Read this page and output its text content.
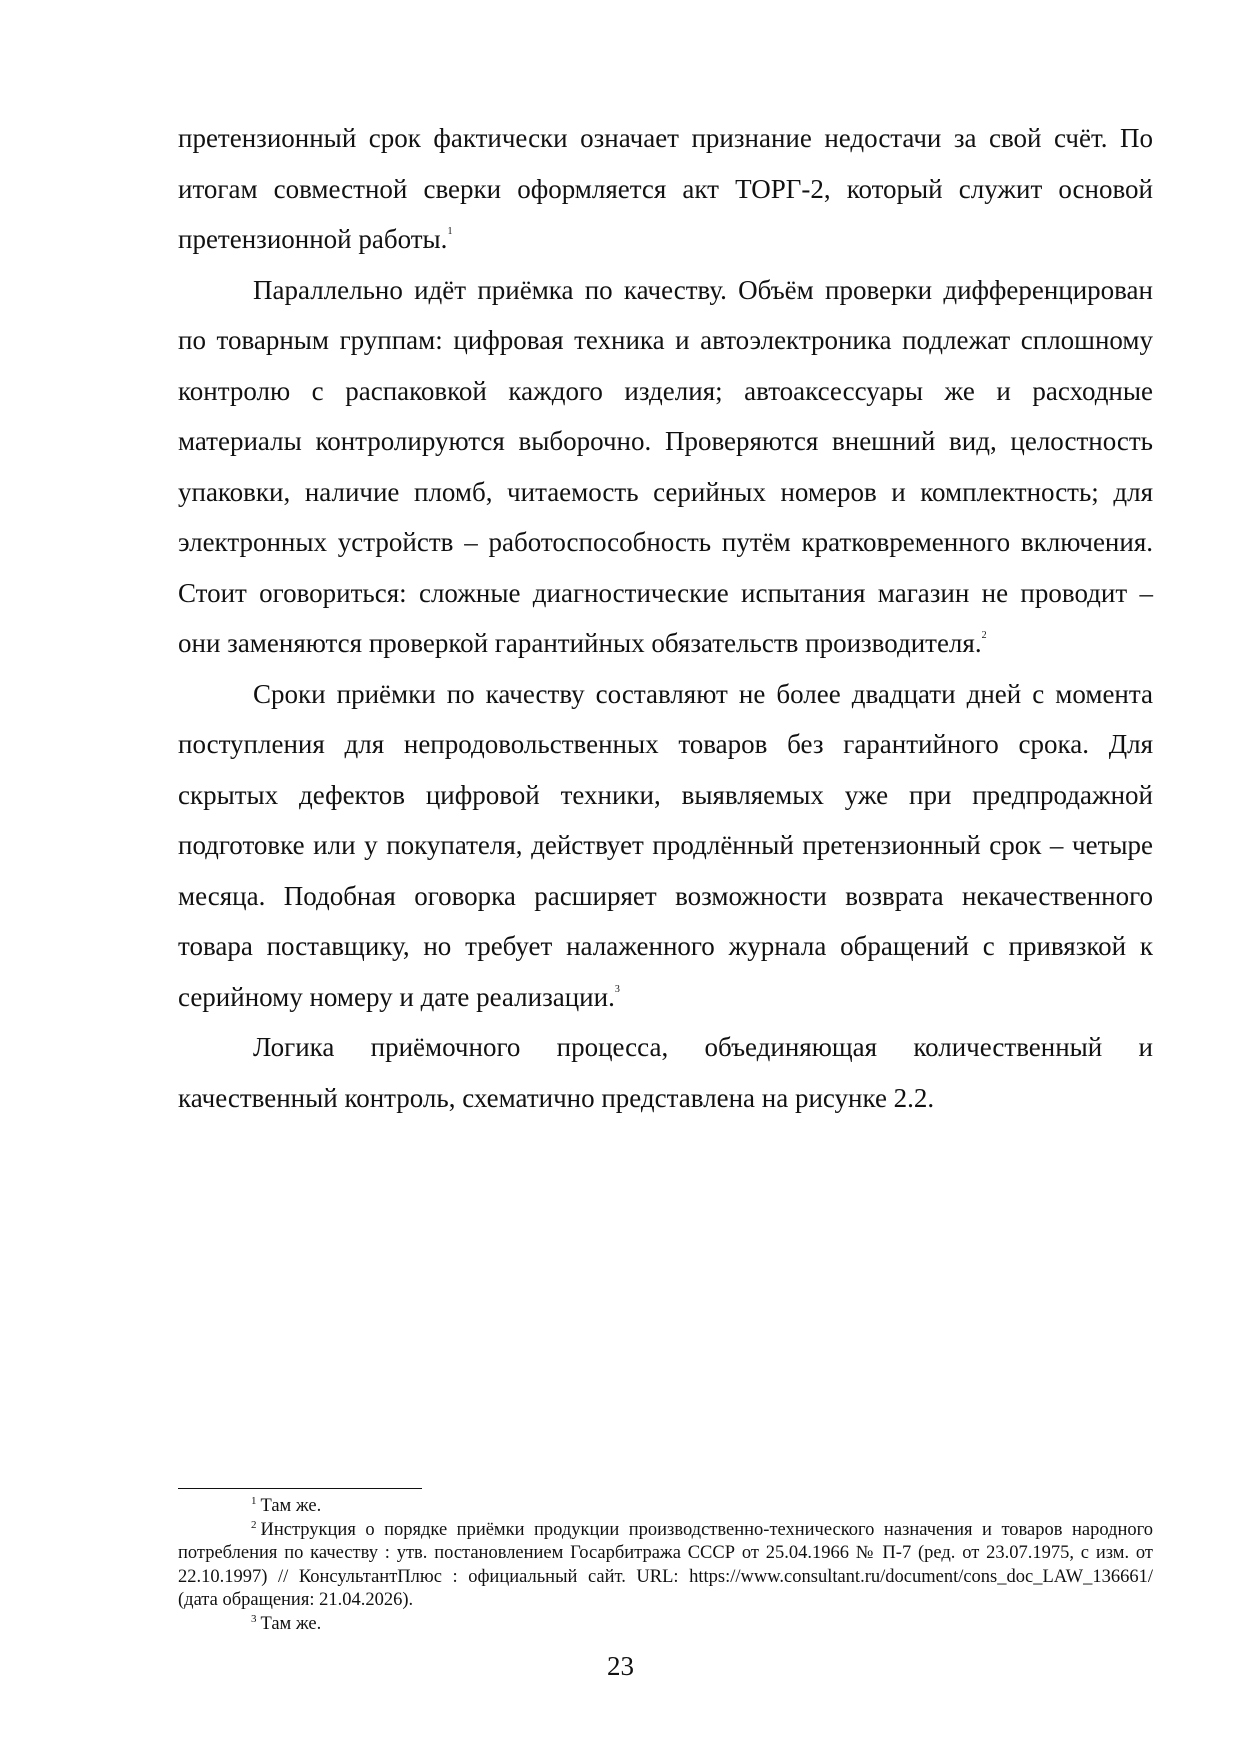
претензионный срок фактически означает признание недостачи за свой счёт. По итогам совместной сверки оформляется акт ТОРГ-2, который служит основой претензионной работы.$^1$

Параллельно идёт приёмка по качеству. Объём проверки дифференцирован по товарным группам: цифровая техника и автоэлектроника подлежат сплошному контролю с распаковкой каждого изделия; автоаксессуары же и расходные материалы контролируются выборочно. Проверяются внешний вид, целостность упаковки, наличие пломб, читаемость серийных номеров и комплектность; для электронных устройств – работоспособность путём кратковременного включения. Стоит оговориться: сложные диагностические испытания магазин не проводит – они заменяются проверкой гарантийных обязательств производителя.$^2$

Сроки приёмки по качеству составляют не более двадцати дней с момента поступления для непродовольственных товаров без гарантийного срока. Для скрытых дефектов цифровой техники, выявляемых уже при предпродажной подготовке или у покупателя, действует продлённый претензионный срок – четыре месяца. Подобная оговорка расширяет возможности возврата некачественного товара поставщику, но требует налаженного журнала обращений с привязкой к серийному номеру и дате реализации.$^3$

Логика приёмочного процесса, объединяющая количественный и качественный контроль, схематично представлена на рисунке 2.2.

$^1$ Там же.

$^2$ Инструкция о порядке приёмки продукции производственно-технического назначения и товаров народного потребления по качеству : утв. постановлением Госарбитража СССР от 25.04.1966 № П-7 (ред. от 23.07.1975, с изм. от 22.10.1997) // КонсультантПлюс : официальный сайт. URL: https://www.consultant.ru/document/cons_doc_LAW_136661/ (дата обращения: 21.04.2026).

$^3$ Там же.

23
